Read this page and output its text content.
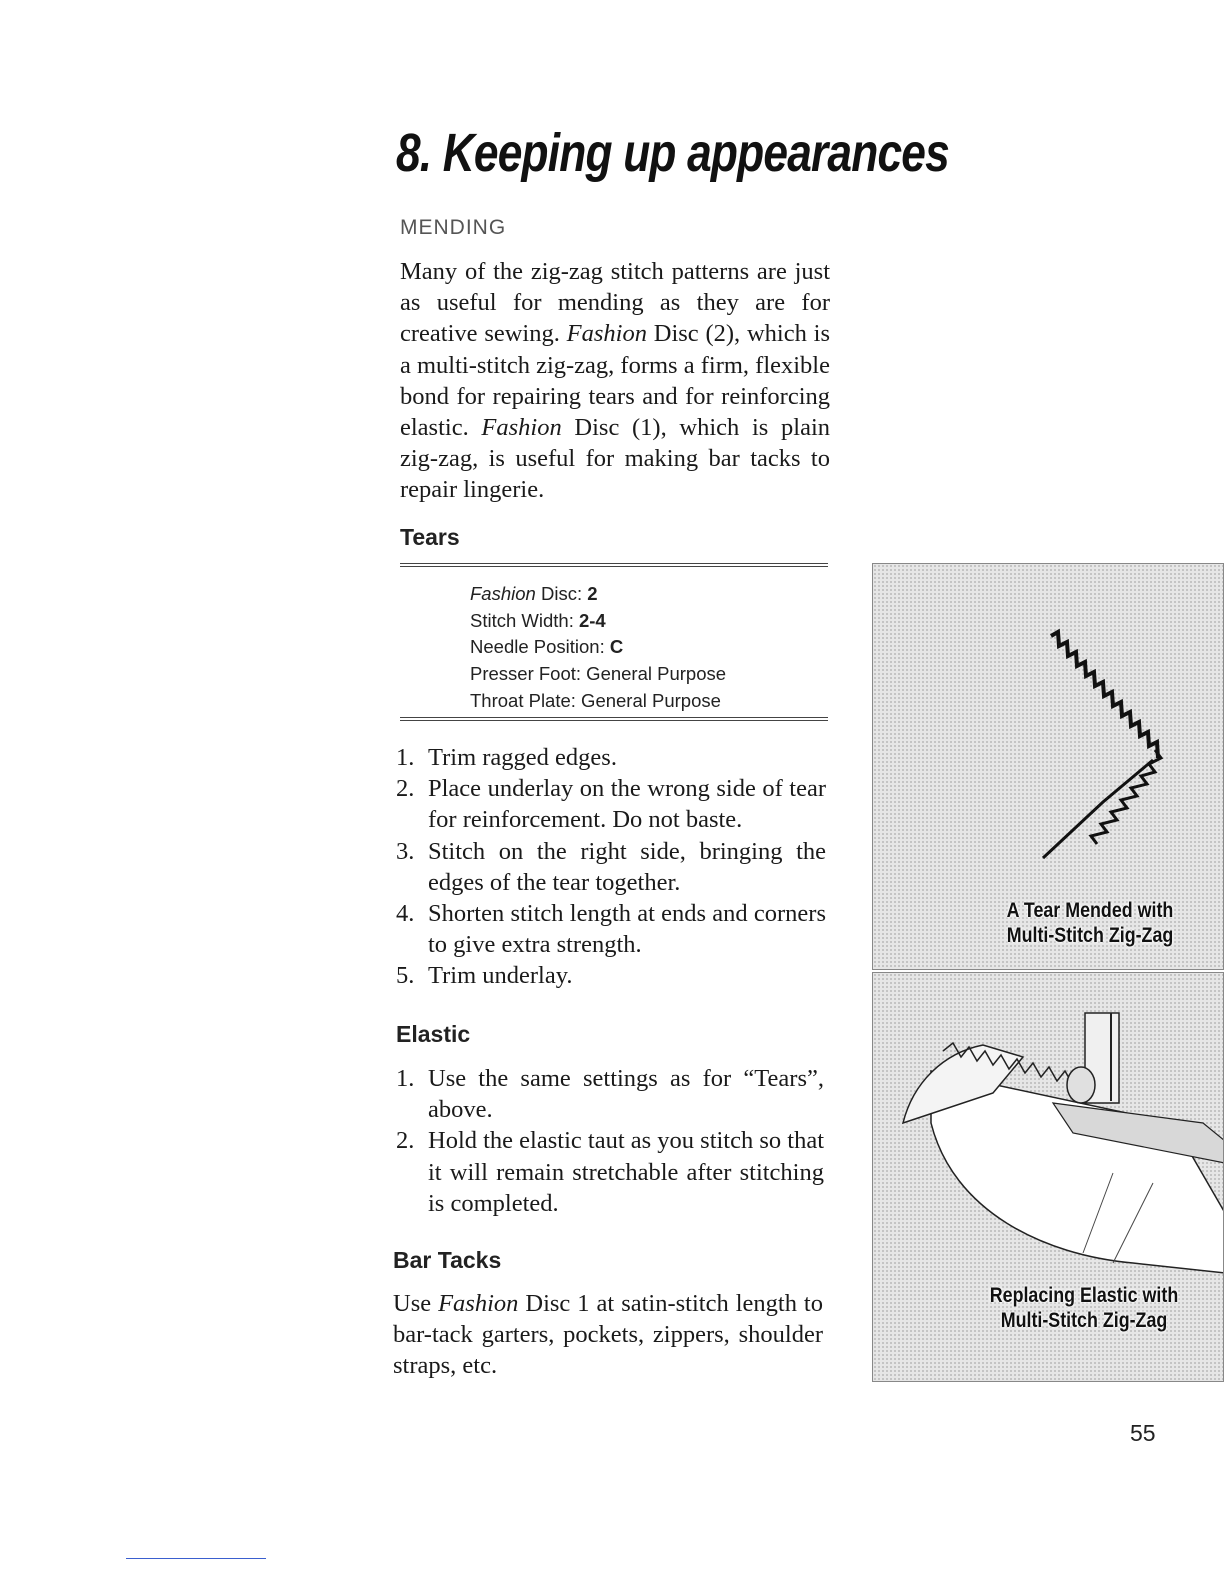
8. Keeping up appearances
MENDING

Many of the zig-zag stitch patterns are just as useful for mending as they are for creative sewing. Fashion Disc (2), which is a multi-stitch zig-zag, forms a firm, flexible bond for repairing tears and for reinforcing elastic. Fashion Disc (1), which is plain zig-zag, is useful for making bar tacks to repair lingerie.

Tears
Fashion Disc: 2
Stitch Width: 2-4
Needle Position: C
Presser Foot: General Purpose
Throat Plate: General Purpose
1. Trim ragged edges.
2. Place underlay on the wrong side of tear for reinforcement. Do not baste.
3. Stitch on the right side, bringing the edges of the tear together.
4. Shorten stitch length at ends and corners to give extra strength.
5. Trim underlay.
Elastic
1. Use the same settings as for “Tears”, above.
2. Hold the elastic taut as you stitch so that it will remain stretchable after stitching is completed.
Bar Tacks

Use Fashion Disc 1 at satin-stitch length to bar-tack garters, pockets, zippers, shoulder straps, etc.

A Tear Mended with
Multi-Stitch Zig-Zag
Replacing Elastic with
Multi-Stitch Zig-Zag
55
